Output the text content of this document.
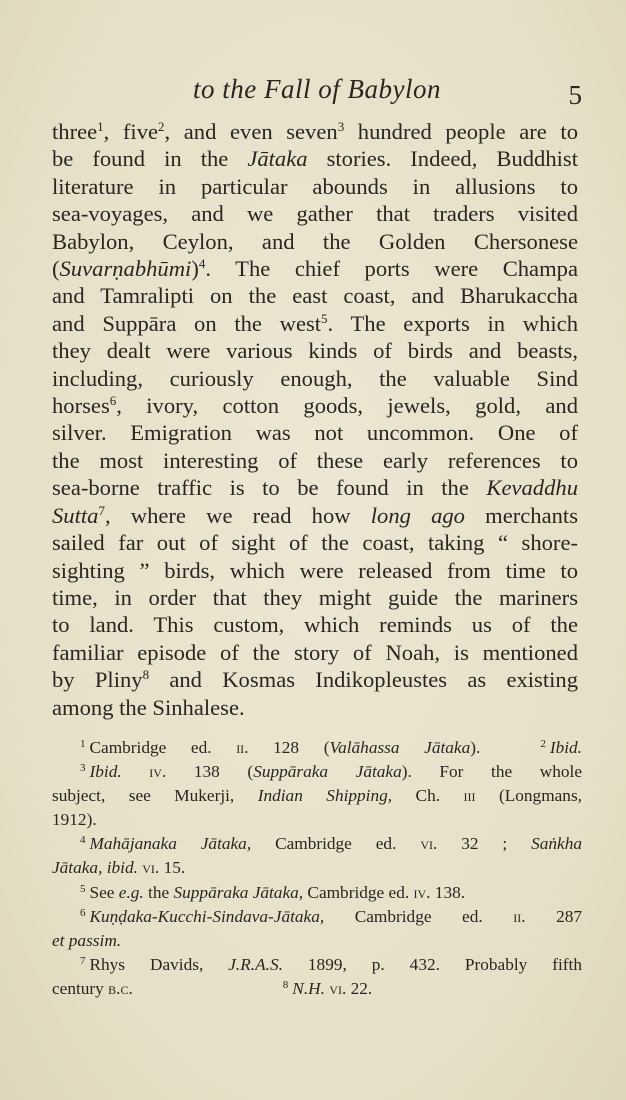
to the Fall of Babylon	5
three$^1$, five$^2$, and even seven$^3$ hundred people are to
be found in the Jātaka stories. Indeed, Buddhist
literature in particular abounds in allusions to
sea-voyages, and we gather that traders visited
Babylon, Ceylon, and the Golden Chersonese
(Suvarṇabhūmi)$^4$. The chief ports were Champa
and Tamralipti on the east coast, and Bharukaccha
and Suppāra on the west$^5$. The exports in which
they dealt were various kinds of birds and beasts,
including, curiously enough, the valuable Sind
horses$^6$, ivory, cotton goods, jewels, gold, and
silver. Emigration was not uncommon. One of
the most interesting of these early references to
sea-borne traffic is to be found in the Kevaddhu
Sutta$^7$, where we read how long ago merchants
sailed far out of sight of the coast, taking “ shore-
sighting ” birds, which were released from time to
time, in order that they might guide the mariners
to land. This custom, which reminds us of the
familiar episode of the story of Noah, is mentioned
by Pliny$^8$ and Kosmas Indikopleustes as existing
among the Sinhalese.
$^1$ Cambridge ed. ii. 128 (Valāhassa Jātaka).	$^2$ Ibid.
$^3$ Ibid. iv. 138 (Suppāraka Jātaka). For the whole
subject, see Mukerji, Indian Shipping, Ch. iii (Longmans,
1912).
$^4$ Mahājanaka Jātaka, Cambridge ed. vi. 32 ; Saṅkha
Jātaka, ibid. vi. 15.
$^5$ See e.g. the Suppāraka Jātaka, Cambridge ed. iv. 138.
$^6$ Kuṇḍaka-Kucchi-Sindava-Jātaka, Cambridge ed. ii. 287
et passim.
$^7$ Rhys Davids, J.R.A.S. 1899, p. 432. Probably fifth
century b.c.	$^8$ N.H. vi. 22.
